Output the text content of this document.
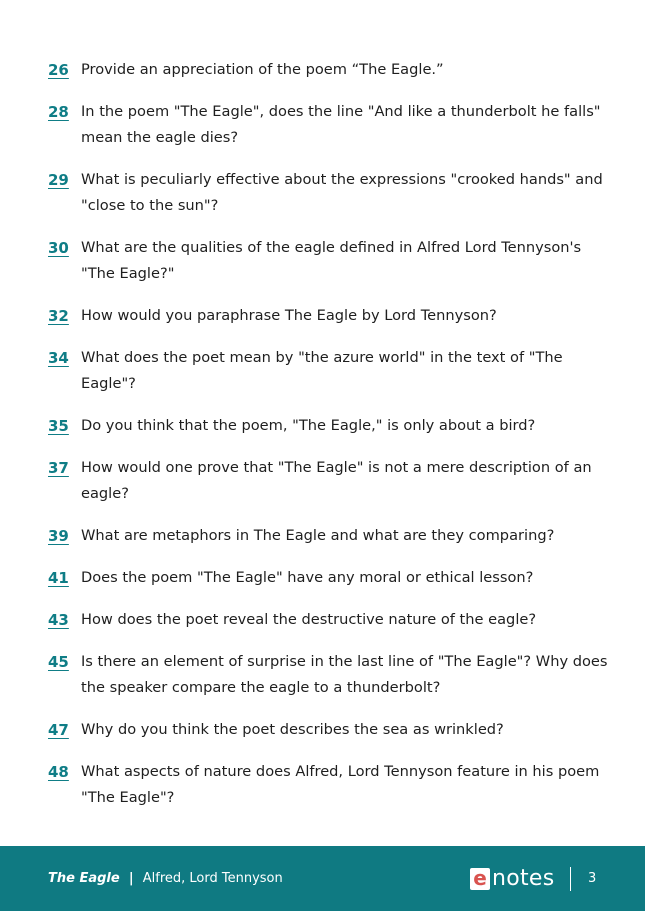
26 Provide an appreciation of the poem “The Eagle.”
28 In the poem "The Eagle", does the line "And like a thunderbolt he falls" mean the eagle dies?
29 What is peculiarly effective about the expressions "crooked hands" and "close to the sun"?
30 What are the qualities of the eagle defined in Alfred Lord Tennyson's "The Eagle?"
32 How would you paraphrase The Eagle by Lord Tennyson?
34 What does the poet mean by "the azure world" in the text of "The Eagle"?
35 Do you think that the poem, "The Eagle," is only about a bird?
37 How would one prove that "The Eagle" is not a mere description of an eagle?
39 What are metaphors in The Eagle and what are they comparing?
41 Does the poem "The Eagle" have any moral or ethical lesson?
43 How does the poet reveal the destructive nature of the eagle?
45 Is there an element of surprise in the last line of "The Eagle"? Why does the speaker compare the eagle to a thunderbolt?
47 Why do you think the poet describes the sea as wrinkled?
48 What aspects of nature does Alfred, Lord Tennyson feature in his poem "The Eagle"?
The Eagle | Alfred, Lord Tennyson	e notes	3
